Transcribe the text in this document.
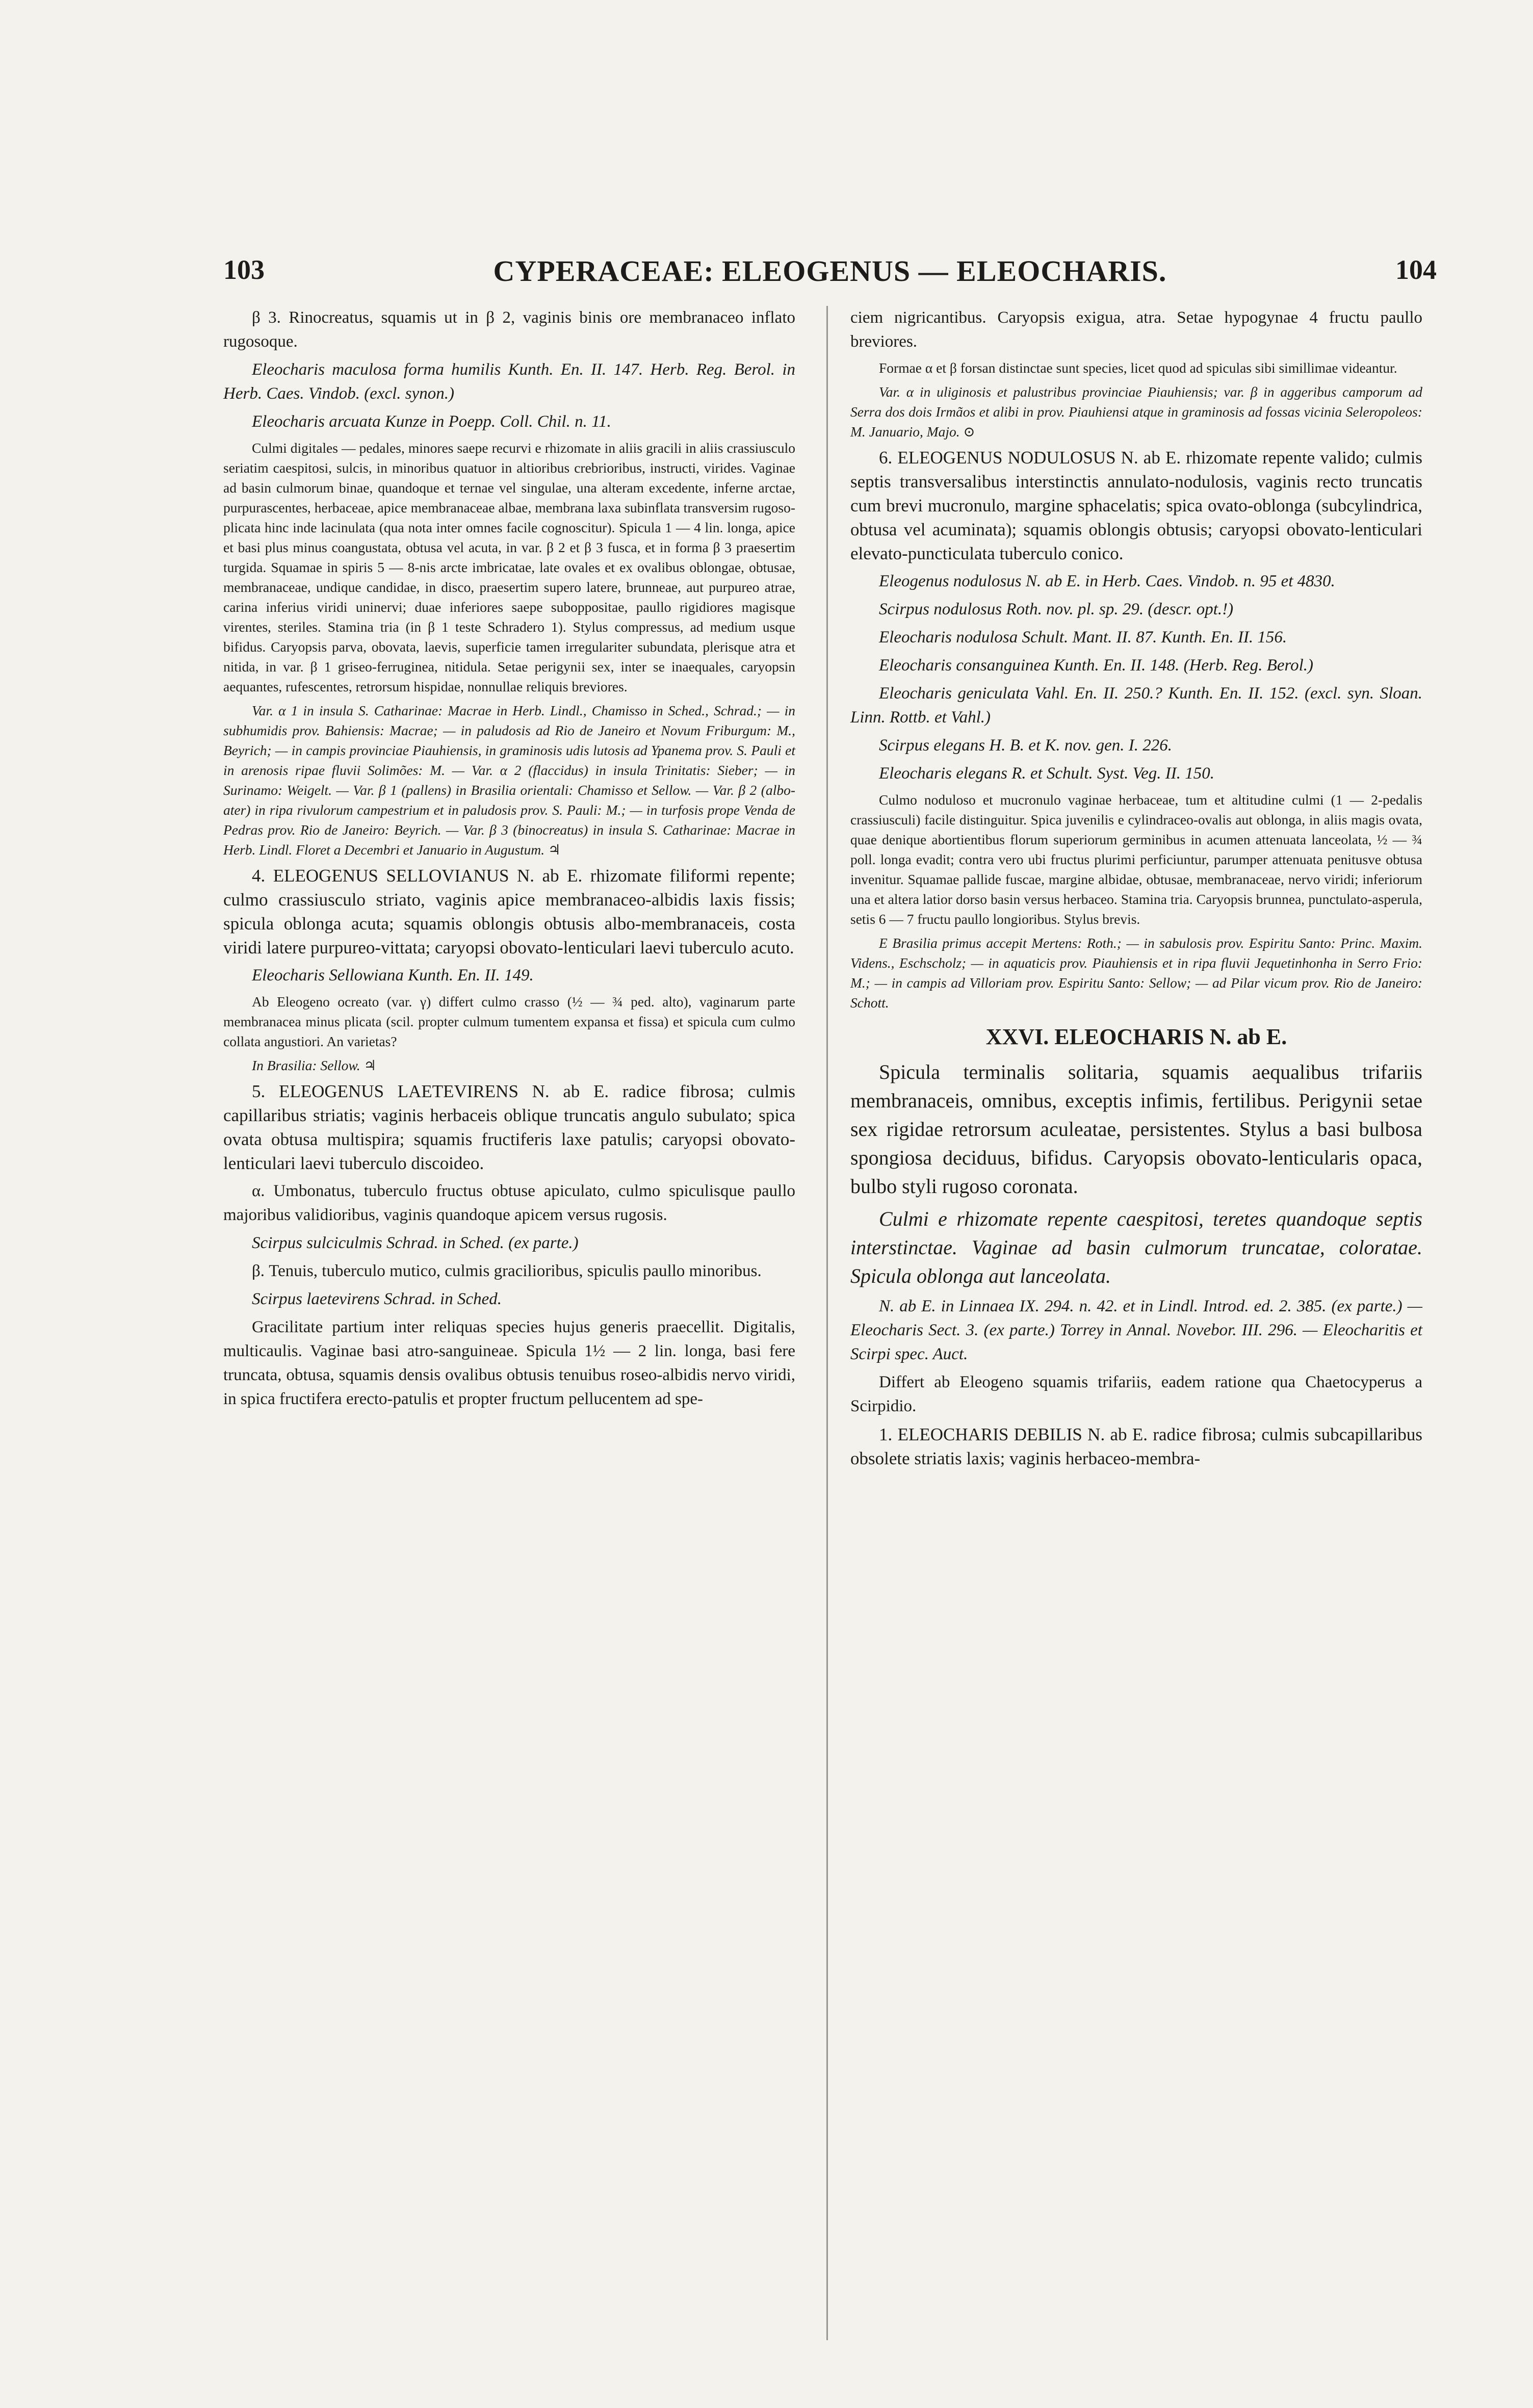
103	CYPERACEAE: ELEOGENUS — ELEOCHARIS.	104

β 3. Rinocreatus, squamis ut in β 2, vaginis binis ore membranaceo inflato rugosoque.

Eleocharis maculosa forma humilis Kunth. En. II. 147. Herb. Reg. Berol. in Herb. Caes. Vindob. (excl. synon.)

Eleocharis arcuata Kunze in Poepp. Coll. Chil. n. 11.

Culmi digitales — pedales, minores saepe recurvi e rhizomate in aliis gracili in aliis crassiusculo seriatim caespitosi, sulcis, in minoribus quatuor in altioribus crebrioribus, instructi, virides. Vaginae ad basin culmorum binae, quandoque et ternae vel singulae, una alteram excedente, inferne arctae, purpurascentes, herbaceae, apice membranaceae albae, membrana laxa subinflata transversim rugoso-plicata hinc inde lacinulata (qua nota inter omnes facile cognoscitur). Spicula 1 — 4 lin. longa, apice et basi plus minus coangustata, obtusa vel acuta, in var. β 2 et β 3 fusca, et in forma β 3 praesertim turgida. Squamae in spiris 5 — 8-nis arcte imbricatae, late ovales et ex ovalibus oblongae, obtusae, membranaceae, undique candidae, in disco, praesertim supero latere, brunneae, aut purpureo atrae, carina inferius viridi uninervi; duae inferiores saepe suboppositae, paullo rigidiores magisque virentes, steriles. Stamina tria (in β 1 teste Schradero 1). Stylus compressus, ad medium usque bifidus. Caryopsis parva, obovata, laevis, superficie tamen irregulariter subundata, plerisque atra et nitida, in var. β 1 griseo-ferruginea, nitidula. Setae perigynii sex, inter se inaequales, caryopsin aequantes, rufescentes, retrorsum hispidae, nonnullae reliquis breviores.

Var. α 1 in insula S. Catharinae: Macrae in Herb. Lindl., Chamisso in Sched., Schrad.; — in subhumidis prov. Bahiensis: Macrae; — in paludosis ad Rio de Janeiro et Novum Friburgum: M., Beyrich; — in campis provinciae Piauhiensis, in graminosis udis lutosis ad Ypanema prov. S. Pauli et in arenosis ripae fluvii Solimões: M. — Var. α 2 (flaccidus) in insula Trinitatis: Sieber; — in Surinamo: Weigelt. — Var. β 1 (pallens) in Brasilia orientali: Chamisso et Sellow. — Var. β 2 (albo-ater) in ripa rivulorum campestrium et in paludosis prov. S. Pauli: M.; — in turfosis prope Venda de Pedras prov. Rio de Janeiro: Beyrich. — Var. β 3 (binocreatus) in insula S. Catharinae: Macrae in Herb. Lindl. Floret a Decembri et Januario in Augustum. ♃

4. ELEOGENUS SELLOVIANUS N. ab E. rhizomate filiformi repente; culmo crassiusculo striato, vaginis apice membranaceo-albidis laxis fissis; spicula oblonga acuta; squamis oblongis obtusis albo-membranaceis, costa viridi latere purpureo-vittata; caryopsi obovato-lenticulari laevi tuberculo acuto.

Eleocharis Sellowiana Kunth. En. II. 149.

Ab Eleogeno ocreato (var. γ) differt culmo crasso (½ — ¾ ped. alto), vaginarum parte membranacea minus plicata (scil. propter culmum tumentem expansa et fissa) et spicula cum culmo collata angustiori. An varietas?

In Brasilia: Sellow. ♃

5. ELEOGENUS LAETEVIRENS N. ab E. radice fibrosa; culmis capillaribus striatis; vaginis herbaceis oblique truncatis angulo subulato; spica ovata obtusa multispira; squamis fructiferis laxe patulis; caryopsi obovato-lenticulari laevi tuberculo discoideo.

α. Umbonatus, tuberculo fructus obtuse apiculato, culmo spiculisque paullo majoribus validioribus, vaginis quandoque apicem versus rugosis.

Scirpus sulciculmis Schrad. in Sched. (ex parte.)

β. Tenuis, tuberculo mutico, culmis gracilioribus, spiculis paullo minoribus.

Scirpus laetevirens Schrad. in Sched.

Gracilitate partium inter reliquas species hujus generis praecellit. Digitalis, multicaulis. Vaginae basi atro-sanguineae. Spicula 1½ — 2 lin. longa, basi fere truncata, obtusa, squamis densis ovalibus obtusis tenuibus roseo-albidis nervo viridi, in spica fructifera erecto-patulis et propter fructum pellucentem ad spe-

ciem nigricantibus. Caryopsis exigua, atra. Setae hypogynae 4 fructu paullo breviores.

Formae α et β forsan distinctae sunt species, licet quod ad spiculas sibi simillimae videantur.

Var. α in uliginosis et palustribus provinciae Piauhiensis; var. β in aggeribus camporum ad Serra dos dois Irmãos et alibi in prov. Piauhiensi atque in graminosis ad fossas vicinia Seleropoleos: M. Januario, Majo. ⊙

6. ELEOGENUS NODULOSUS N. ab E. rhizomate repente valido; culmis septis transversalibus interstinctis annulato-nodulosis, vaginis recto truncatis cum brevi mucronulo, margine sphacelatis; spica ovato-oblonga (subcylindrica, obtusa vel acuminata); squamis oblongis obtusis; caryopsi obovato-lenticulari elevato-puncticulata tuberculo conico.

Eleogenus nodulosus N. ab E. in Herb. Caes. Vindob. n. 95 et 4830.

Scirpus nodulosus Roth. nov. pl. sp. 29. (descr. opt.!)

Eleocharis nodulosa Schult. Mant. II. 87. Kunth. En. II. 156.

Eleocharis consanguinea Kunth. En. II. 148. (Herb. Reg. Berol.)

Eleocharis geniculata Vahl. En. II. 250.? Kunth. En. II. 152. (excl. syn. Sloan. Linn. Rottb. et Vahl.)

Scirpus elegans H. B. et K. nov. gen. I. 226.

Eleocharis elegans R. et Schult. Syst. Veg. II. 150.

Culmo noduloso et mucronulo vaginae herbaceae, tum et altitudine culmi (1 — 2-pedalis crassiusculi) facile distinguitur. Spica juvenilis e cylindraceo-ovalis aut oblonga, in aliis magis ovata, quae denique abortientibus florum superiorum germinibus in acumen attenuata lanceolata, ½ — ¾ poll. longa evadit; contra vero ubi fructus plurimi perficiuntur, parumper attenuata penitusve obtusa invenitur. Squamae pallide fuscae, margine albidae, obtusae, membranaceae, nervo viridi; inferiorum una et altera latior dorso basin versus herbaceo. Stamina tria. Caryopsis brunnea, punctulato-asperula, setis 6 — 7 fructu paullo longioribus. Stylus brevis.

E Brasilia primus accepit Mertens: Roth.; — in sabulosis prov. Espiritu Santo: Princ. Maxim. Videns., Eschscholz; — in aquaticis prov. Piauhiensis et in ripa fluvii Jequetinhonha in Serro Frio: M.; — in campis ad Villoriam prov. Espiritu Santo: Sellow; — ad Pilar vicum prov. Rio de Janeiro: Schott.

XXVI. ELEOCHARIS N. ab E.

Spicula terminalis solitaria, squamis aequalibus trifariis membranaceis, omnibus, exceptis infimis, fertilibus. Perigynii setae sex rigidae retrorsum aculeatae, persistentes. Stylus a basi bulbosa spongiosa deciduus, bifidus. Caryopsis obovato-lenticularis opaca, bulbo styli rugoso coronata.

Culmi e rhizomate repente caespitosi, teretes quandoque septis interstinctae. Vaginae ad basin culmorum truncatae, coloratae. Spicula oblonga aut lanceolata.

N. ab E. in Linnaea IX. 294. n. 42. et in Lindl. Introd. ed. 2. 385. (ex parte.) — Eleocharis Sect. 3. (ex parte.) Torrey in Annal. Novebor. III. 296. — Eleocharitis et Scirpi spec. Auct.

Differt ab Eleogeno squamis trifariis, eadem ratione qua Chaetocyperus a Scirpidio.

1. ELEOCHARIS DEBILIS N. ab E. radice fibrosa; culmis subcapillaribus obsolete striatis laxis; vaginis herbaceo-membra-
